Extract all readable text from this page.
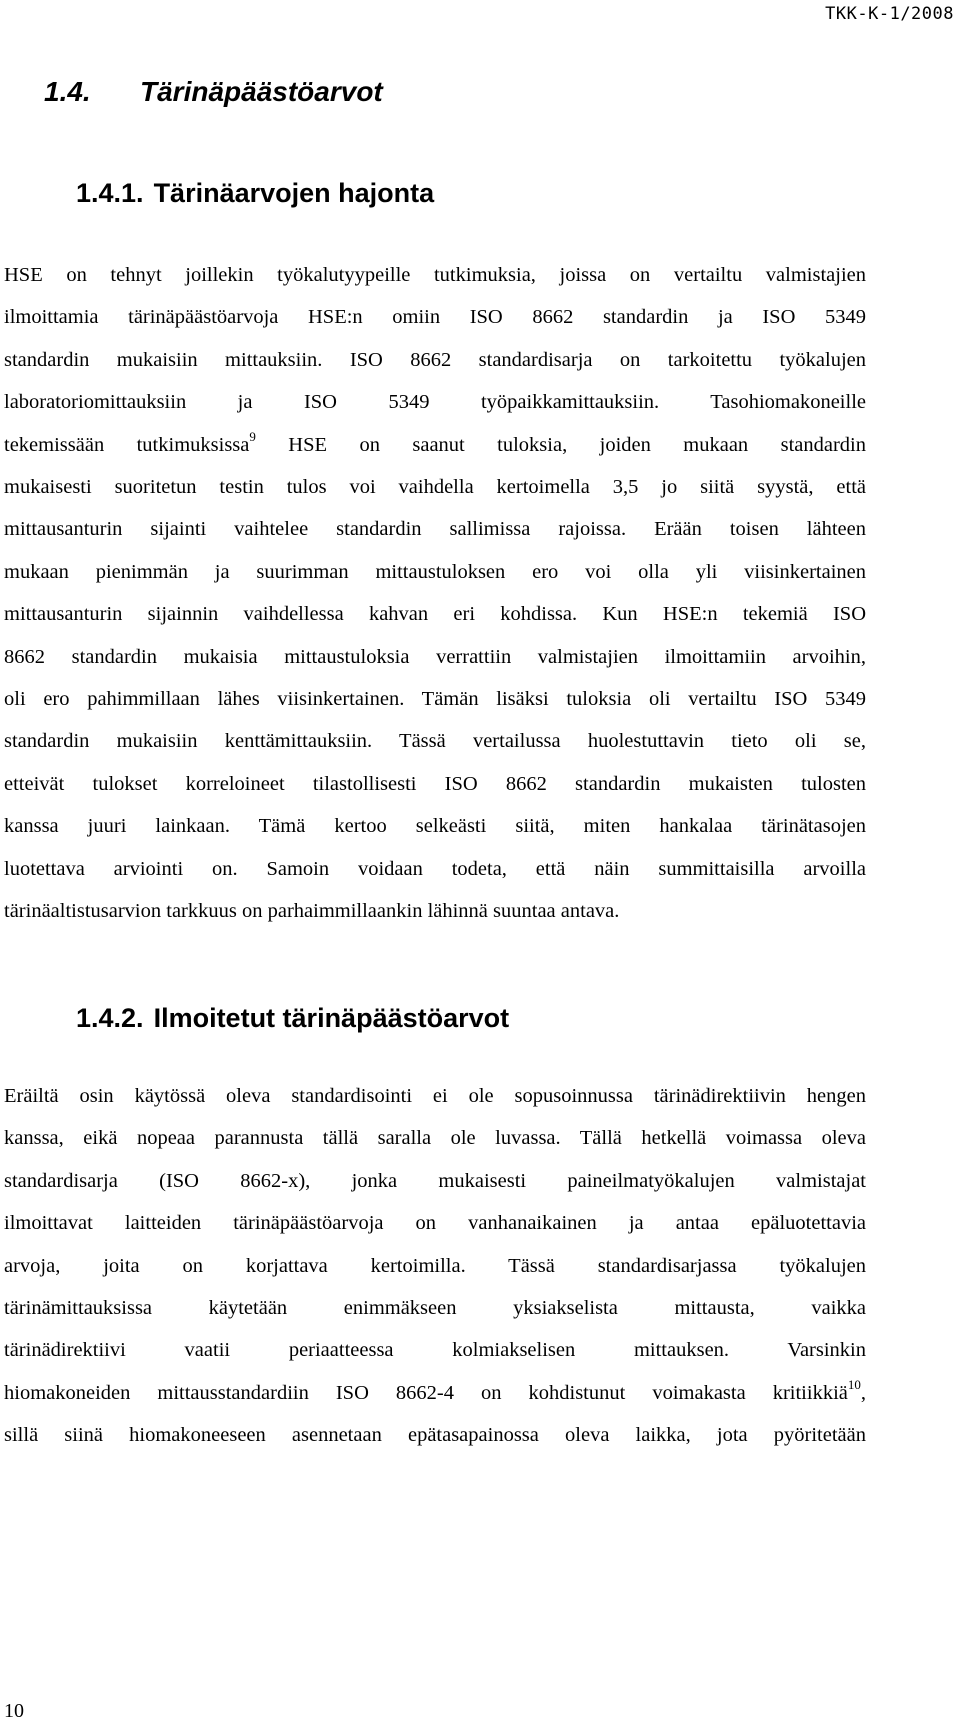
TKK-K-1/2008
1.4. Tärinäpäästöarvot
1.4.1. Tärinäarvojen hajonta
HSE on tehnyt joillekin työkalutyypeille tutkimuksia, joissa on vertailtu valmistajien
ilmoittamia tärinäpäästöarvoja HSE:n omiin ISO 8662 standardin ja ISO 5349
standardin mukaisiin mittauksiin. ISO 8662 standardisarja on tarkoitettu työkalujen
laboratoriomittauksiin ja ISO 5349 työpaikkamittauksiin. Tasohiomakoneille
tekemissään tutkimuksissa$^9$ HSE on saanut tuloksia, joiden mukaan standardin
mukaisesti suoritetun testin tulos voi vaihdella kertoimella 3,5 jo siitä syystä, että
mittausanturin sijainti vaihtelee standardin sallimissa rajoissa. Erään toisen lähteen
mukaan pienimmän ja suurimman mittaustuloksen ero voi olla yli viisinkertainen
mittausanturin sijainnin vaihdellessa kahvan eri kohdissa. Kun HSE:n tekemiä ISO
8662 standardin mukaisia mittaustuloksia verrattiin valmistajien ilmoittamiin arvoihin,
oli ero pahimmillaan lähes viisinkertainen. Tämän lisäksi tuloksia oli vertailtu ISO 5349
standardin mukaisiin kenttämittauksiin. Tässä vertailussa huolestuttavin tieto oli se,
etteivät tulokset korreloineet tilastollisesti ISO 8662 standardin mukaisten tulosten
kanssa juuri lainkaan. Tämä kertoo selkeästi siitä, miten hankalaa tärinätasojen
luotettava arviointi on. Samoin voidaan todeta, että näin summittaisilla arvoilla
tärinäaltistusarvion tarkkuus on parhaimmillaankin lähinnä suuntaa antava.
1.4.2. Ilmoitetut tärinäpäästöarvot
Eräiltä osin käytössä oleva standardisointi ei ole sopusoinnussa tärinädirektiivin hengen
kanssa, eikä nopeaa parannusta tällä saralla ole luvassa. Tällä hetkellä voimassa oleva
standardisarja (ISO 8662-x), jonka mukaisesti paineilmatyökalujen valmistajat
ilmoittavat laitteiden tärinäpäästöarvoja on vanhanaikainen ja antaa epäluotettavia
arvoja, joita on korjattava kertoimilla. Tässä standardisarjassa työkalujen
tärinämittauksissa käytetään enimmäkseen yksiakselista mittausta, vaikka
tärinädirektiivi vaatii periaatteessa kolmiakselisen mittauksen. Varsinkin
hiomakoneiden mittausstandardiin ISO 8662-4 on kohdistunut voimakasta kritiikkiä$^{10}$,
sillä siinä hiomakoneeseen asennetaan epätasapainossa oleva laikka, jota pyöritetään
10
